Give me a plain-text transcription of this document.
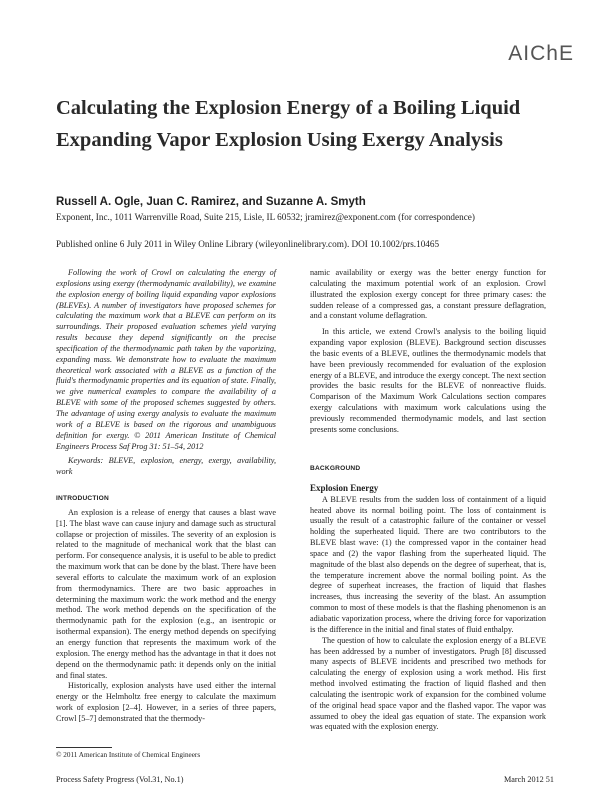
AIChE
Calculating the Explosion Energy of a Boiling Liquid Expanding Vapor Explosion Using Exergy Analysis
Russell A. Ogle, Juan C. Ramirez, and Suzanne A. Smyth
Exponent, Inc., 1011 Warrenville Road, Suite 215, Lisle, IL 60532; jramirez@exponent.com (for correspondence)
Published online 6 July 2011 in Wiley Online Library (wileyonlinelibrary.com). DOI 10.1002/prs.10465

Following the work of Crowl on calculating the energy of explosions using exergy (thermodynamic availability), we examine the explosion energy of boiling liquid expanding vapor explosions (BLEVEs). A number of investigators have proposed schemes for calculating the maximum work that a BLEVE can perform on its surroundings. Their proposed evaluation schemes yield varying results because they depend significantly on the precise specification of the thermodynamic path taken by the vaporizing, expanding mass. We demonstrate how to evaluate the maximum theoretical work associated with a BLEVE as a function of the fluid's thermodynamic properties and its equation of state. Finally, we give numerical examples to compare the availability of a BLEVE with some of the proposed schemes suggested by others. The advantage of using exergy analysis to evaluate the maximum work of a BLEVE is based on the rigorous and unambiguous definition for exergy. © 2011 American Institute of Chemical Engineers Process Saf Prog 31: 51–54, 2012

Keywords: BLEVE, explosion, energy, exergy, availability, work

INTRODUCTION

An explosion is a release of energy that causes a blast wave [1]. The blast wave can cause injury and damage such as structural collapse or projection of missiles. The severity of an explosion is related to the magnitude of mechanical work that the blast can perform. For consequence analysis, it is useful to be able to predict the maximum work that can be done by the blast. There have been several efforts to calculate the maximum work of an explosion from thermodynamics. There are two basic approaches in determining the maximum work: the work method and the energy method. The work method depends on the specification of the thermodynamic path for the explosion (e.g., an isentropic or isothermal expansion). The energy method depends on specifying an energy function that represents the maximum work of the explosion. The energy method has the advantage in that it does not depend on the thermodynamic path: it depends only on the initial and final states.

Historically, explosion analysts have used either the internal energy or the Helmholtz free energy to calculate the maximum work of explosion [2–4]. However, in a series of three papers, Crowl [5–7] demonstrated that the thermody-

namic availability or exergy was the better energy function for calculating the maximum potential work of an explosion. Crowl illustrated the explosion exergy concept for three primary cases: the sudden release of a compressed gas, a constant pressure deflagration, and a constant volume deflagration.

In this article, we extend Crowl's analysis to the boiling liquid expanding vapor explosion (BLEVE). Background section discusses the basic events of a BLEVE, outlines the thermodynamic models that have been previously recommended for evaluation of the explosion energy of a BLEVE, and introduce the exergy concept. The next section provides the basic results for the BLEVE of nonreactive fluids. Comparison of the Maximum Work Calculations section compares exergy calculations with maximum work calculations using the previously recommended thermodynamic models, and last section presents some conclusions.

BACKGROUND

Explosion Energy

A BLEVE results from the sudden loss of containment of a liquid heated above its normal boiling point. The loss of containment is usually the result of a catastrophic failure of the container or vessel holding the superheated liquid. There are two contributors to the BLEVE blast wave: (1) the compressed vapor in the container head space and (2) the vapor flashing from the superheated liquid. The magnitude of the blast also depends on the degree of superheat, that is, the temperature increment above the normal boiling point. As the degree of superheat increases, the fraction of liquid that flashes increases, thus increasing the severity of the blast. An assumption common to most of these models is that the flashing phenomenon is an adiabatic vaporization process, where the driving force for vaporization is the difference in the initial and final states of fluid enthalpy.

The question of how to calculate the explosion energy of a BLEVE has been addressed by a number of investigators. Prugh [8] discussed many aspects of BLEVE incidents and prescribed two methods for calculating the energy of explosion using a work method. His first method involved estimating the fraction of liquid flashed and then calculating the isentropic work of expansion for the combined volume of the original head space vapor and the flashed vapor. The vapor was assumed to obey the ideal gas equation of state. The expansion work was equated with the explosion energy.

© 2011 American Institute of Chemical Engineers
Process Safety Progress (Vol.31, No.1)	March 2012 51
